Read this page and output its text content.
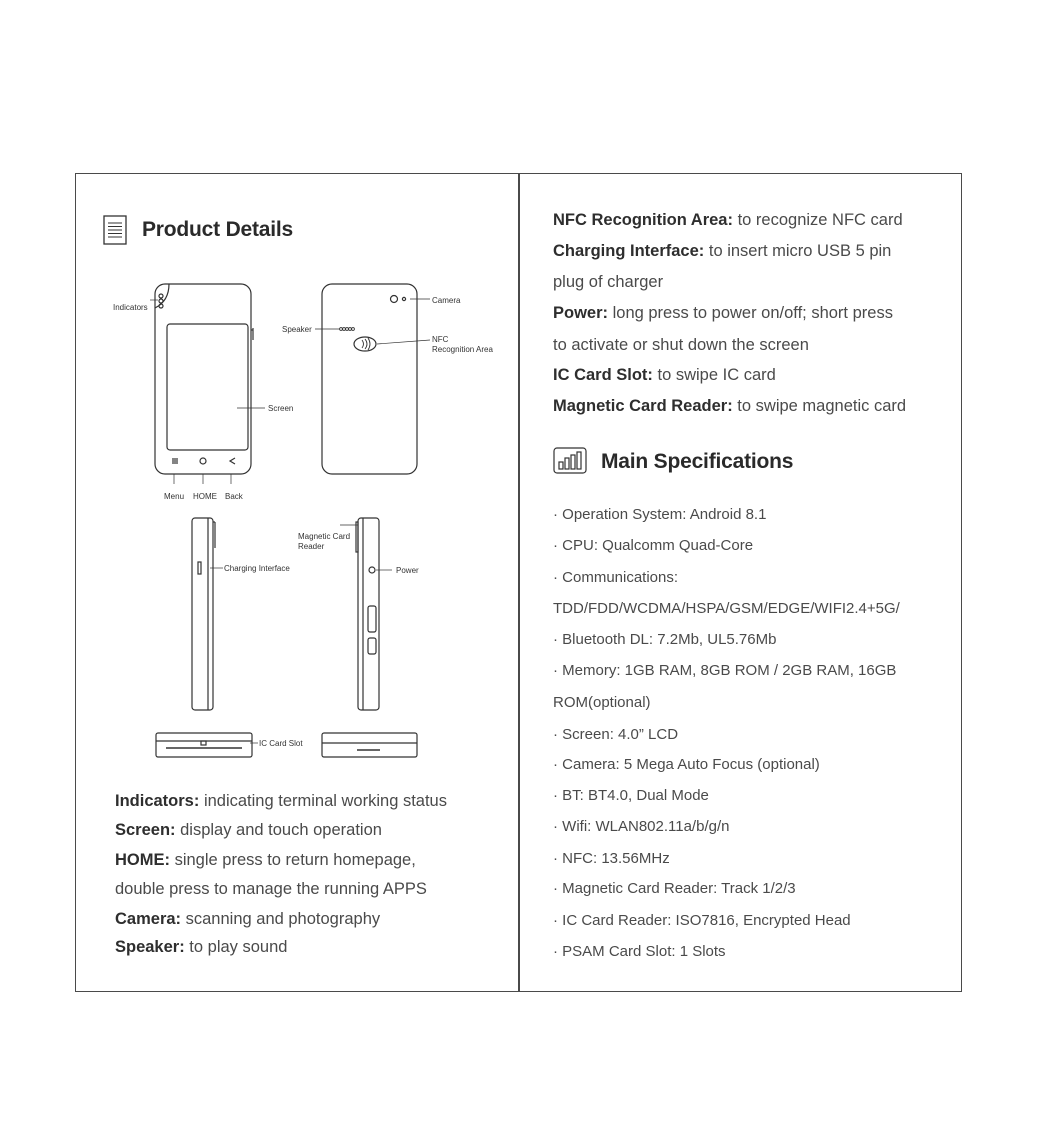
Product Details
Indicators
Screen
Menu HOME Back
Speaker
Camera
NFC
Recognition Area
Charging Interface
Magnetic Card
Reader
Power
IC Card Slot
Indicators: indicating terminal working status
Screen: display and touch operation
HOME: single press to return homepage,
double press to manage the running APPS
Camera: scanning and photography
Speaker: to play sound
NFC Recognition Area: to recognize NFC card
Charging Interface: to insert micro USB 5 pin
plug of charger
Power: long press to power on/off; short press
to activate or shut down the screen
IC Card Slot: to swipe IC card
Magnetic Card Reader: to swipe magnetic card
Main Specifications
· Operation System: Android 8.1
· CPU: Qualcomm Quad-Core
· Communications:
TDD/FDD/WCDMA/HSPA/GSM/EDGE/WIFI2.4+5G/
· Bluetooth DL: 7.2Mb, UL5.76Mb
· Memory: 1GB RAM, 8GB ROM / 2GB RAM, 16GB
ROM(optional)
· Screen: 4.0” LCD
· Camera: 5 Mega Auto Focus (optional)
· BT: BT4.0, Dual Mode
· Wifi: WLAN802.11a/b/g/n
· NFC: 13.56MHz
· Magnetic Card Reader: Track 1/2/3
· IC Card Reader: ISO7816, Encrypted Head
· PSAM Card Slot: 1 Slots
